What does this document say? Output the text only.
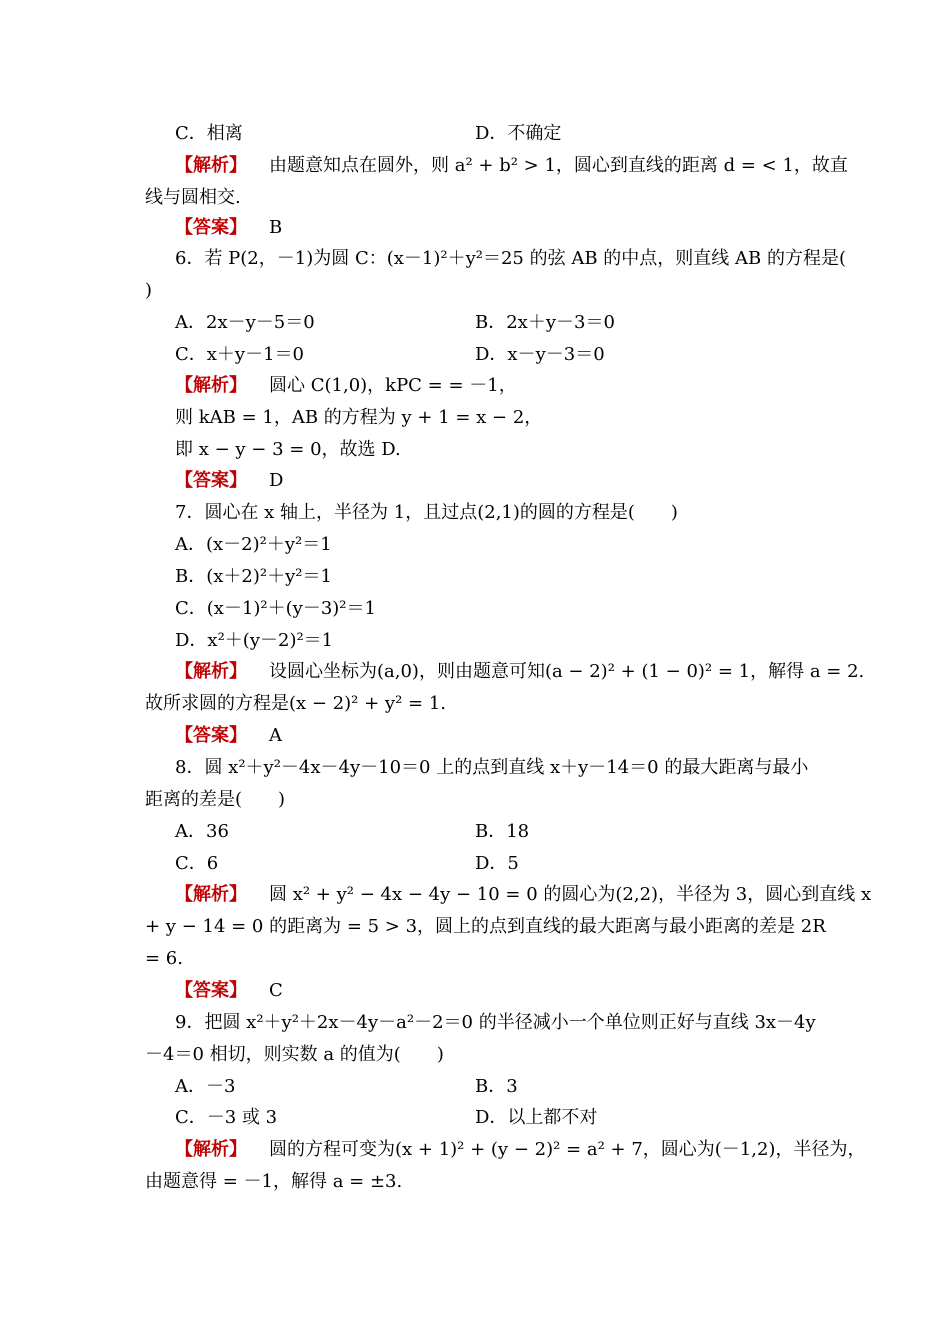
C．相离	D．不确定
【解析】 由题意知点在圆外，则 a² + b² > 1，圆心到直线的距离 d = < 1，故直
线与圆相交.
【答案】 B
6．若 P(2，－1)为圆 C：(x－1)²＋y²＝25 的弦 AB 的中点，则直线 AB 的方程是(
)
A．2x－y－5＝0	B．2x＋y－3＝0
C．x＋y－1＝0	D．x－y－3＝0
【解析】 圆心 C(1,0)，kPC = = －1，
则 kAB = 1，AB 的方程为 y + 1 = x − 2，
即 x − y − 3 = 0，故选 D.
【答案】 D
7．圆心在 x 轴上，半径为 1，且过点(2,1)的圆的方程是(　　)
A．(x－2)²＋y²＝1
B．(x＋2)²＋y²＝1
C．(x－1)²＋(y－3)²＝1
D．x²＋(y－2)²＝1
【解析】 设圆心坐标为(a,0)，则由题意可知(a − 2)² + (1 − 0)² = 1，解得 a = 2.
故所求圆的方程是(x − 2)² + y² = 1.
【答案】 A
8．圆 x²＋y²－4x－4y－10＝0 上的点到直线 x＋y－14＝0 的最大距离与最小
距离的差是(　　)
A．36	B．18
C．6	D．5
【解析】 圆 x² + y² − 4x − 4y − 10 = 0 的圆心为(2,2)，半径为 3，圆心到直线 x
+ y − 14 = 0 的距离为 = 5 > 3，圆上的点到直线的最大距离与最小距离的差是 2R
= 6.
【答案】 C
9．把圆 x²＋y²＋2x－4y－a²－2＝0 的半径减小一个单位则正好与直线 3x－4y
－4＝0 相切，则实数 a 的值为(　　)
A．－3	B．3
C．－3 或 3	D．以上都不对
【解析】 圆的方程可变为(x + 1)² + (y − 2)² = a² + 7，圆心为(－1,2)，半径为，
由题意得 = －1，解得 a = ±3.
